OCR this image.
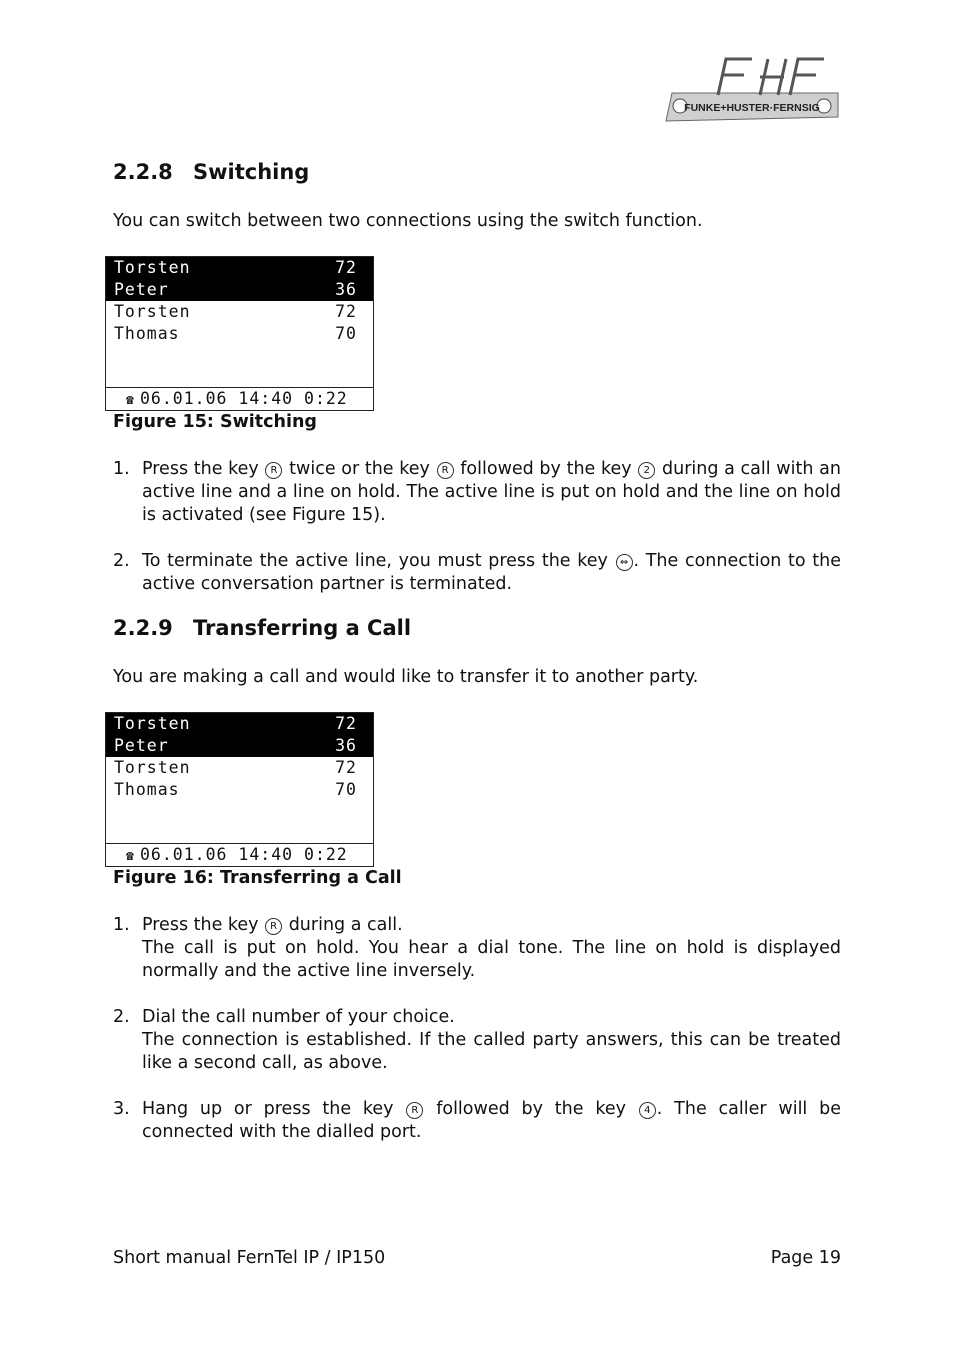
FUNKE+HUSTER·FERNSIG
2.2.8 Switching
You can switch between two connections using the switch function.
Torsten	72
Peter	36
Torsten	72
Thomas	70
☎ 06.01.06 14:40 0:22
Figure 15: Switching
1. Press the key R twice or the key R followed by the key 2 during a call with an active line and a line on hold. The active line is put on hold and the line on hold is activated (see Figure 15).

2. To terminate the active line, you must press the key ⇔ . The connection to the active conversation partner is terminated.

2.2.9 Transferring a Call
You are making a call and would like to transfer it to another party.
Torsten	72
Peter	36
Torsten	72
Thomas	70
☎ 06.01.06 14:40 0:22
Figure 16: Transferring a Call
1. Press the key R during a call.

The call is put on hold. You hear a dial tone. The line on hold is displayed normally and the active line inversely.

2. Dial the call number of your choice.

The connection is established. If the called party answers, this can be treated like a second call, as above.

3. Hang up or press the key R followed by the key 4 . The caller will be connected with the dialled port.

Short manual FernTel IP / IP150	Page 19
